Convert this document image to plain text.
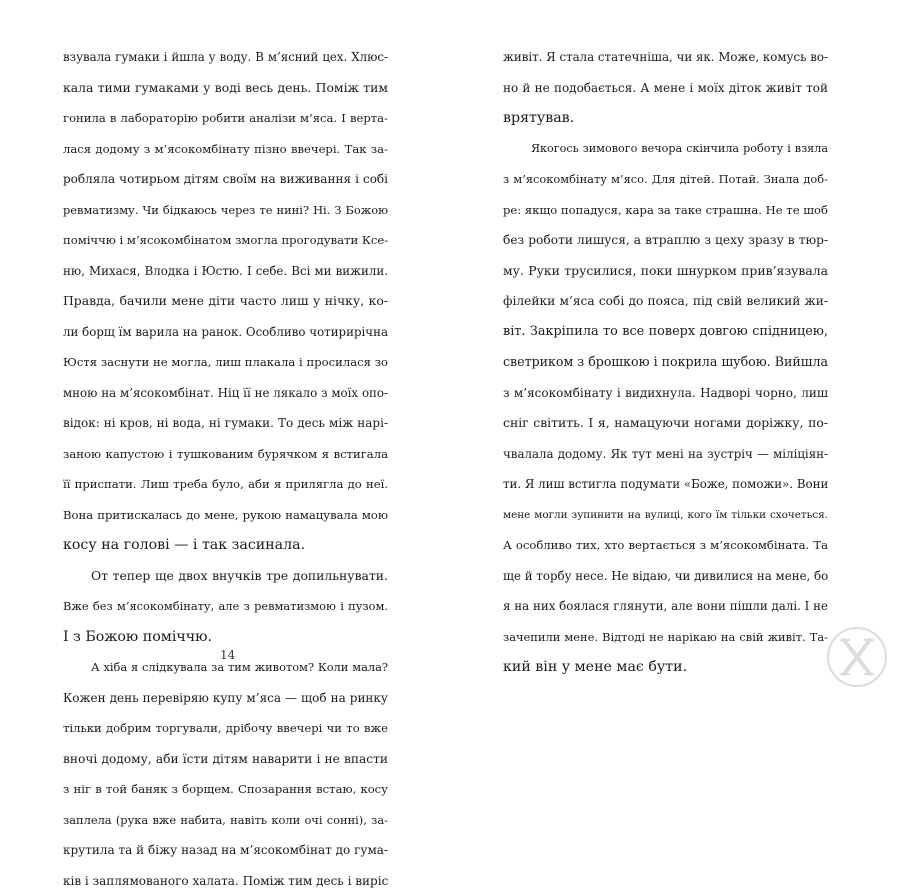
взувала гумаки і йшла у воду. В м’ясний цех. Хлюс-
кала тими гумаками у воді весь день. Поміж тим
гонила в лабораторію робити аналізи м’яса. І верта-
лася додому з м’ясокомбінату пізно ввечері. Так за-
робляла чотирьом дітям своїм на виживання і собі
ревматизму. Чи бідкаюсь через те нині? Ні. З Божою
поміччю і м’ясокомбінатом змогла прогодувати Ксе-
ню, Михася, Влодка і Юстю. І себе. Всі ми вижили.
Правда, бачили мене діти часто лиш у нічку, ко-
ли борщ їм варила на ранок. Особливо чотирирічна
Юстя заснути не могла, лиш плакала і просилася зо
мною на м’ясокомбінат. Ніц її не лякало з моїх опо-
відок: ні кров, ні вода, ні гумаки. То десь між нарі-
заною капустою і тушкованим бурячком я встигала
її приспати. Лиш треба було, аби я прилягла до неї.
Вона притискалась до мене, рукою намацувала мою
косу на голові — і так засинала.
От тепер ще двох внучків тре допильнувати.
Вже без м’ясокомбінату, але з ревматизмою і пузом.
І з Божою поміччю.
А хіба я слідкувала за тим животом? Коли мала?
Кожен день перевіряю купу м’яса — щоб на ринку
тільки добрим торгували, дрібочу ввечері чи то вже
вночі додому, аби їсти дітям наварити і не впасти
з ніг в той баняк з борщем. Спозарання встаю, косу
заплела (рука вже набита, навіть коли очі сонні), за-
крутила та й біжу назад на м’ясокомбінат до гума-
ків і заплямованого халата. Поміж тим десь і виріс
14
живіт. Я стала статечніша, чи як. Може, комусь во-
но й не подобається. А мене і моїх діток живіт той
врятував.
Якогось зимового вечора скінчила роботу і взяла
з м’ясокомбінату м’ясо. Для дітей. Потай. Знала доб-
ре: якщо попадуся, кара за таке страшна. Не те шоб
без роботи лишуся, а втраплю з цеху зразу в тюр-
му. Руки трусилися, поки шнурком прив’язувала
філейки м’яса собі до пояса, під свій великий жи-
віт. Закріпила то все поверх довгою спідницею,
светриком з брошкою і покрила шубою. Вийшла
з м’ясокомбінату і видихнула. Надворі чорно, лиш
сніг світить. І я, намацуючи ногами доріжку, по-
чвалала додому. Як тут мені на зустріч — міліціян-
ти. Я лиш встигла подумати «Боже, поможи». Вони
мене могли зупинити на вулиці, кого їм тільки схочеться.
А особливо тих, хто вертається з м’ясокомбіната. Та
ще й торбу несе. Не відаю, чи дивилися на мене, бо
я на них боялася глянути, але вони пішли далі. І не
зачепили мене. Відтоді не нарікаю на свій живіт. Та-
кий він у мене має бути.
